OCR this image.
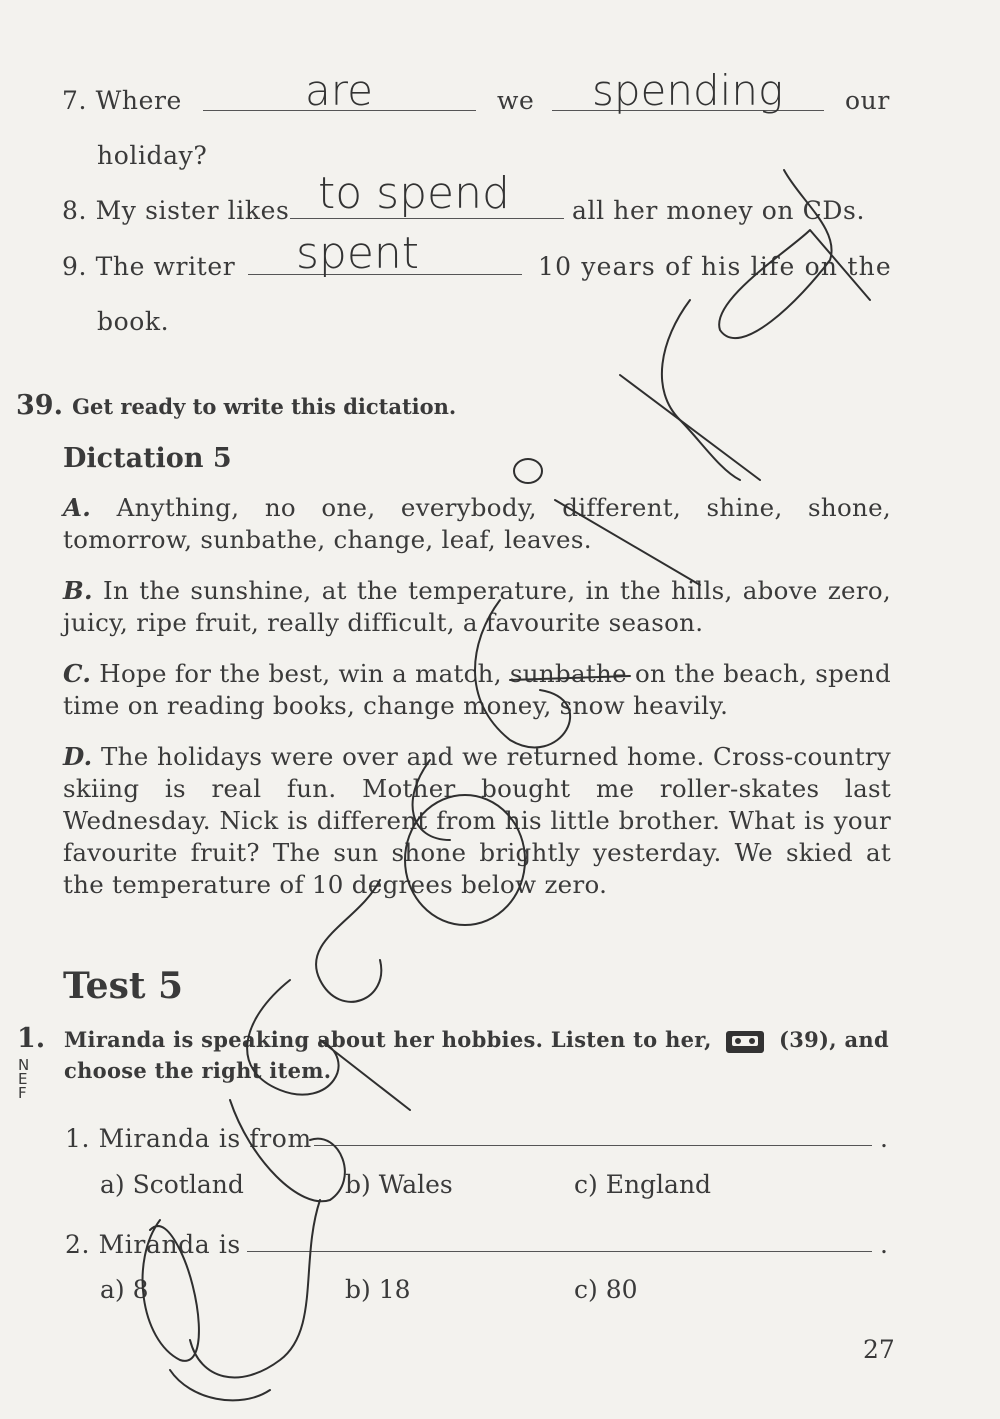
7. Where	are	we spending our
holiday?
8. My sister likes to spend all her money on CDs.
9. The writer spent	10 years of his life on the
book.
39. Get ready to write this dictation.
Dictation 5
A. Anything, no one, everybody, different, shine, shone, tomorrow, sunbathe, change, leaf, leaves.
B. In the sunshine, at the temperature, in the hills, above zero, juicy, ripe fruit, really difficult, a favourite season.
C. Hope for the best, win a match, sunbathe on the beach, spend time on reading books, change money, snow heavily.
D. The holidays were over and we returned home. Cross-country skiing is real fun. Mother bought me roller-skates last Wednesday. Nick is different from his little brother. What is your favourite fruit? The sun shone brightly yesterday. We skied at the temperature of 10 degrees below zero.
Test 5
1. Miranda is speaking about her hobbies. Listen to her,	(39), and
choose the right item.
NEF
1. Miranda is from	.
a) Scotland	b) Wales	c) England
2. Miranda is	.
a) 8	b) 18	c) 80
27
